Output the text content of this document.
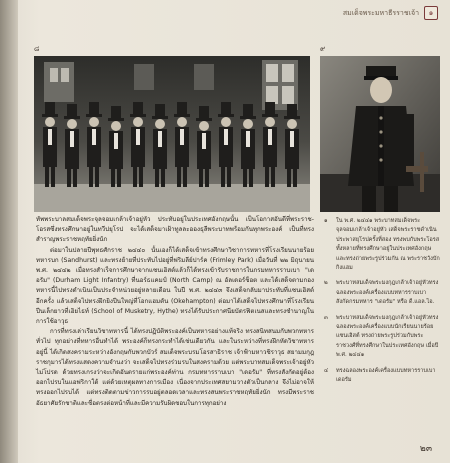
สมเด็จพระมหาธีรราชเจ้า	๑
๘	๙

ทัพพระบาลสมเด็จพระจุลจอมเกล้าเจ้าอยู่หัว ประทับอยู่ในประเทศอังกฤษนั้น เป็นโอกาสอันดีที่พระราช-โอรสซึ่งทรงศึกษาอยู่ในทวีปยุโรป จะได้เสด็จมาเฝ้าทูลละอองธุลีพระบาทพร้อมกันทุกพระองค์ เป็นที่ทรงสำราญพระราชหฤทัยยิ่งนัก

ต่อมาในปลายปีพุทธศักราช ๒๔๔๐ นั้นเองก็ได้เสด็จเข้าทรงศึกษาวิชาการทหารที่โรงเรียนนายร้อยทหารบก (Sandhurst) และทรงย้ายที่ประทับไปอยู่ที่ฟริมลีย์ปาร์ค (Frimley Park) เมื่อวันที่ ๒๒ มิถุนายน พ.ศ. ๒๔๔๒ เมื่อทรงสำเร็จการศึกษาจากแซนเฮิสต์แล้วก็ได้ทรงเข้ารับราชการในกรมทหารราบเบา "เดอรัม" (Durham Light Infantry) ที่นอร์ธแคมป์ (North Camp) ณ อัลเดอร์ช็อต และได้เสด็จตามกองทหารนี้ไปทรงดำเนินเป็นประจำหน่วยอยู่หลายเดือน ในปี พ.ศ. ๒๔๔๓ จึงเสด็จกลับมาประทับที่แซนเฮิสต์อีกครั้ง แล้วเสด็จไปทรงฝึกยิงปืนใหญ่ที่โอกแฮมตัน (Okehampton) ต่อมาได้เสด็จไปทรงศึกษาที่โรงเรียนปืนเล็กยาวที่เฮิยไธท์ (School of Musketry, Hythe) ทรงได้รับประกาศนียบัตรฟิตเนสและทรงชำนาญในการใช้อาวุธ

การที่ทรงเล่าเรียนวิชาทหารนี้ ได้ทรงปฏิบัติพระองค์เป็นทหารอย่างแท้จริง ทรงสนิทสนมกับพวกทหารทั่วไป ทุกอย่างที่ทหารอื่นทำได้ พระองค์ก็ทรงกระทำได้เช่นเดียวกัน และในระหว่างที่ทรงฝึกหัดวิชาทหารอยู่นี้ ได้เกิดสงครามระหว่างอังกฤษกับพวกบัวร์ สมเด็จพระบรมโอรสาธิราช เจ้าฟ้ามหาวชิราวุธ สยามมกุฎราชกุมารได้ทรงแสดงความจำนงว่า จะเสด็จไปทรงร่วมรบในสงครามด้วย แต่พระบาทสมเด็จพระเจ้าอยู่หัวไม่โปรด ด้วยทรงเกรงว่าจะเกิดอันตรายแก่พระองค์ท่าน กรมทหารราบเบา "เดอรัม" ที่ทรงสังกัดอยู่ต้องออกไปรบในแอฟริกาใต้ แต่ด้วยเหตุผลทางการเมือง เนื่องจากประเทศสยามวางตัวเป็นกลาง จึงไม่อาจให้ทรงออกไปรบได้ แต่ทรงติดตามข่าวการรบอยู่ตลอดเวลาและทรงสนพระราชหฤทัยยิ่งนัก ทรงมีพระราชอัธยาศัยรักชาติและชื่อตรงต่อหน้าที่และมีความรับผิดชอบในการทุกอย่าง

๑ ใน พ.ศ. ๒๔๔๑ พระบาทสมเด็จพระจุลจอมเกล้าเจ้าอยู่หัว เสด็จพระราชดำเนินประพาสยุโรปครั้งที่สอง ทรงพบกับพระโอรสทั้งหลายที่ทรงศึกษาอยู่ในประเทศอังกฤษ และทรงถ่ายพระรูปร่วมกัน ณ พระราชวังบักกิงแฮม
๒ พระบาทสมเด็จพระมงกุฎเกล้าเจ้าอยู่หัวทรงฉลองพระองค์เครื่องแบบทหารราบเบา สังกัดกรมทหาร "เดอรัม" หรือ ดี.แอล.ไอ.
๓ พระบาทสมเด็จพระมงกุฎเกล้าเจ้าอยู่หัวทรงฉลองพระองค์เครื่องแบบนักเรียนนายร้อยแซนเฮิสต์ ทรงถ่ายพระรูปร่วมกับพระราชวงศ์ที่ทรงศึกษาในประเทศอังกฤษ เมื่อปี พ.ศ. ๒๔๔๑
๔ ทรงฉลองพระองค์เครื่องแบบทหารราบเบาเดอรัม
๒๓
